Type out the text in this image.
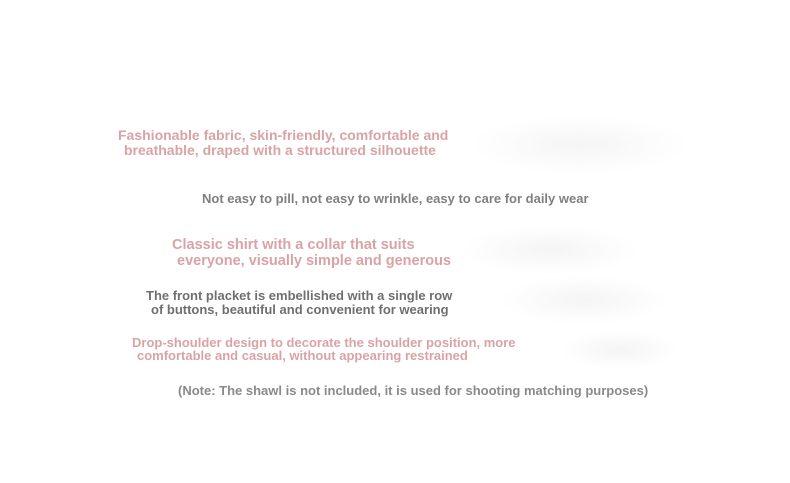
Fashionable fabric, skin-friendly, comfortable and

breathable, draped with a structured silhouette

Not easy to pill, not easy to wrinkle, easy to care for daily wear

Classic shirt with a collar that suits

everyone, visually simple and generous

The front placket is embellished with a single row

of buttons, beautiful and convenient for wearing

Drop-shoulder design to decorate the shoulder position, more

comfortable and casual, without appearing restrained

(Note: The shawl is not included, it is used for shooting matching purposes)
